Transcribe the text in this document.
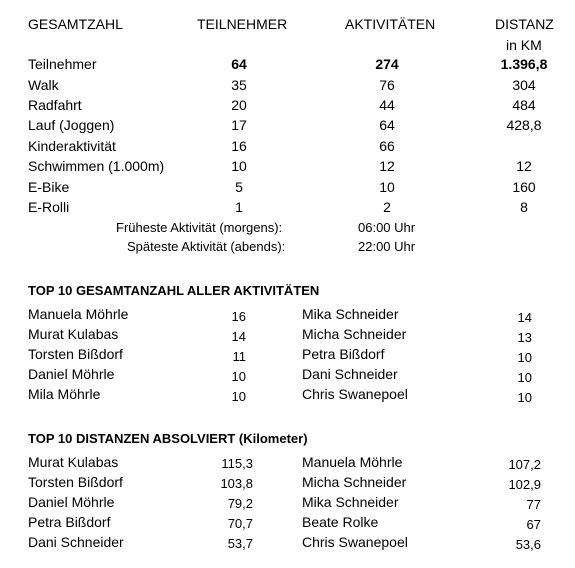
GESAMTZAHL	TEILNEHMER	AKTIVITÄTEN	DISTANZ
in KM
Teilnehmer	64	274	1.396,8
Walk	35	76	304
Radfahrt	20	44	484
Lauf (Joggen)	17	64	428,8
Kinderaktivität	16	66
Schwimmen (1.000m)	10	12	12
E-Bike	5	10	160
E-Rolli	1	2	8
Früheste Aktivität (morgens):	06:00 Uhr
Späteste Aktivität (abends):	22:00 Uhr
TOP 10 GESAMTANZAHL ALLER AKTIVITÄTEN
Manuela Möhrle	16
Murat Kulabas	14
Torsten Bißdorf	11
Daniel Möhrle	10
Mila Möhrle	10
Mika Schneider	14
Micha Schneider	13
Petra Bißdorf	10
Dani Schneider	10
Chris Swanepoel	10
TOP 10 DISTANZEN ABSOLVIERT (Kilometer)
Murat Kulabas	115,3
Torsten Bißdorf	103,8
Daniel Möhrle	79,2
Petra Bißdorf	70,7
Dani Schneider	53,7
Manuela Möhrle	107,2
Micha Schneider	102,9
Mika Schneider	77
Beate Rolke	67
Chris Swanepoel	53,6
